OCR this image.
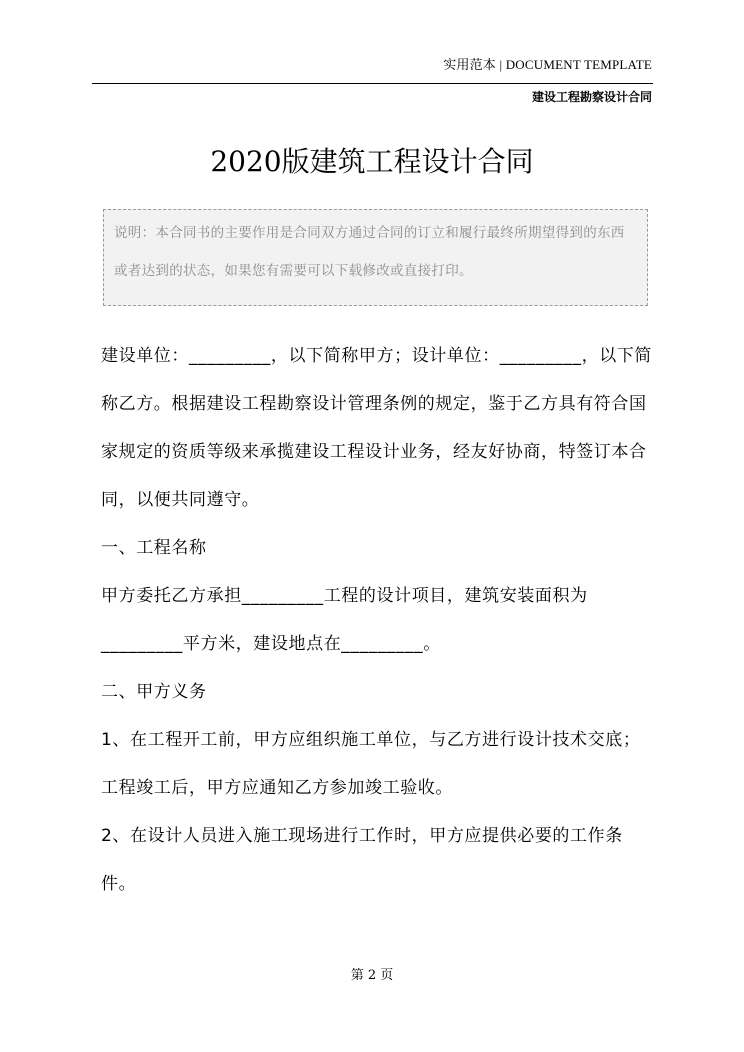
实用范本 | DOCUMENT TEMPLATE
建设工程勘察设计合同
2020版建筑工程设计合同
说明：本合同书的主要作用是合同双方通过合同的订立和履行最终所期望得到的东西或者达到的状态，如果您有需要可以下载修改或直接打印。

建设单位：_________，以下简称甲方；设计单位：_________，以下简称乙方。根据建设工程勘察设计管理条例的规定，鉴于乙方具有符合国家规定的资质等级来承揽建设工程设计业务，经友好协商，特签订本合同，以便共同遵守。

一、工程名称

甲方委托乙方承担_________工程的设计项目，建筑安装面积为_________平方米，建设地点在_________。

二、甲方义务

1、在工程开工前，甲方应组织施工单位，与乙方进行设计技术交底；工程竣工后，甲方应通知乙方参加竣工验收。

2、在设计人员进入施工现场进行工作时，甲方应提供必要的工作条件。

第 2 页
